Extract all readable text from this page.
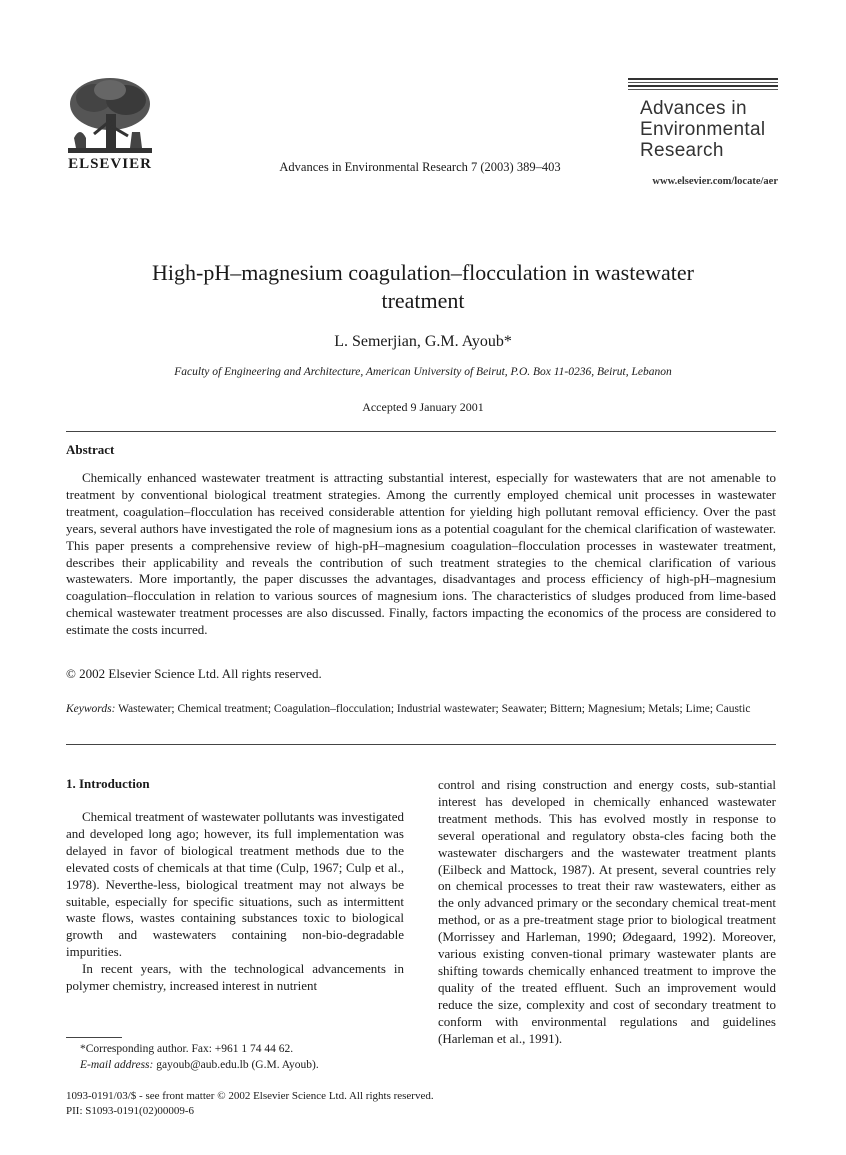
ELSEVIER	Advances in Environmental Research 7 (2003) 389–403
Advances in
Environmental
Research
www.elsevier.com/locate/aer
High-pH–magnesium coagulation–flocculation in wastewater
treatment
L. Semerjian, G.M. Ayoub*
Faculty of Engineering and Architecture, American University of Beirut, P.O. Box 11-0236, Beirut, Lebanon
Accepted 9 January 2001
Abstract

Chemically enhanced wastewater treatment is attracting substantial interest, especially for wastewaters that are not amenable to treatment by conventional biological treatment strategies. Among the currently employed chemical unit processes in wastewater treatment, coagulation–flocculation has received considerable attention for yielding high pollutant removal efficiency. Over the past years, several authors have investigated the role of magnesium ions as a potential coagulant for the chemical clarification of wastewater. This paper presents a comprehensive review of high-pH–magnesium coagulation–flocculation processes in wastewater treatment, describes their applicability and reveals the contribution of such treatment strategies to the chemical clarification of various wastewaters. More importantly, the paper discusses the advantages, disadvantages and process efficiency of high-pH–magnesium coagulation–flocculation in relation to various sources of magnesium ions. The characteristics of sludges produced from lime-based chemical wastewater treatment processes are also discussed. Finally, factors impacting the economics of the process are considered to estimate the costs incurred.

© 2002 Elsevier Science Ltd. All rights reserved.
Keywords: Wastewater; Chemical treatment; Coagulation–flocculation; Industrial wastewater; Seawater; Bittern; Magnesium; Metals; Lime; Caustic
1. Introduction

Chemical treatment of wastewater pollutants was investigated and developed long ago; however, its full implementation was delayed in favor of biological treatment methods due to the elevated costs of chemicals at that time (Culp, 1967; Culp et al., 1978). Neverthe-less, biological treatment may not always be suitable, especially for specific situations, such as intermittent waste flows, wastes containing substances toxic to biological growth and wastewaters containing non-bio-degradable impurities.

In recent years, with the technological advancements in polymer chemistry, increased interest in nutrient

*Corresponding author. Fax: +961 1 74 44 62.
E-mail address: gayoub@aub.edu.lb (G.M. Ayoub).

control and rising construction and energy costs, sub-stantial interest has developed in chemically enhanced wastewater treatment methods. This has evolved mostly in response to several operational and regulatory obsta-cles facing both the wastewater dischargers and the wastewater treatment plants (Eilbeck and Mattock, 1987). At present, several countries rely on chemical processes to treat their raw wastewaters, either as the only advanced primary or the secondary chemical treat-ment method, or as a pre-treatment stage prior to biological treatment (Morrissey and Harleman, 1990; Ødegaard, 1992). Moreover, various existing conven-tional primary wastewater plants are shifting towards chemically enhanced treatment to improve the quality of the treated effluent. Such an improvement would reduce the size, complexity and cost of secondary treatment to conform with environmental regulations and guidelines (Harleman et al., 1991).

1093-0191/03/$ - see front matter © 2002 Elsevier Science Ltd. All rights reserved.
PII: S1093-0191(02)00009-6
